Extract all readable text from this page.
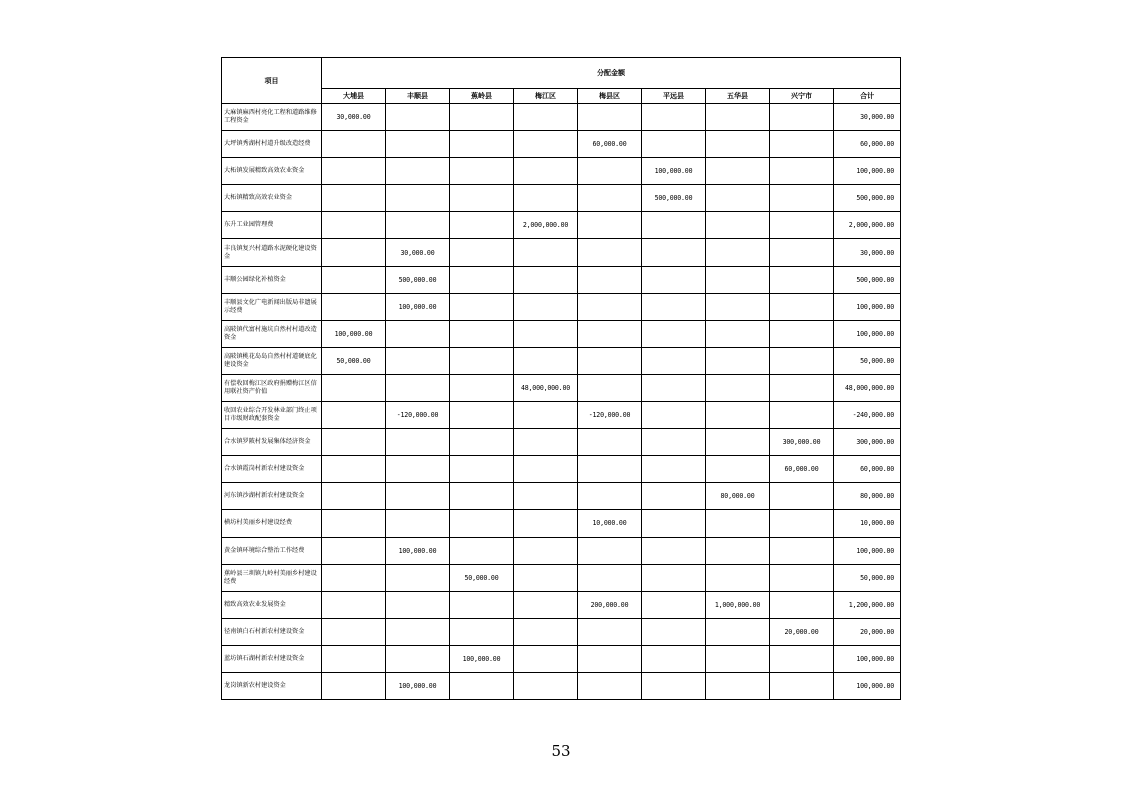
项目	分配金额								
	大埔县	丰顺县	蕉岭县	梅江区	梅县区	平远县	五华县	兴宁市	合计
大麻镇麻西村亮化工程和道路维修工程资金	30,000.00								30,000.00
大坪镇秀湖村村道升级改造经费					60,000.00				60,000.00
大柘镇发展精致高效农业资金						100,000.00			100,000.00
大柘镇精致高效农业资金						500,000.00			500,000.00
东升工业园管理费				2,000,000.00					2,000,000.00
丰良镇复兴村道路水泥硬化建设资金		30,000.00							30,000.00
丰顺公园绿化补植资金		500,000.00							500,000.00
丰顺县文化广电新闻出版局非遗展示经费		100,000.00							100,000.00
高陂镇代富村施坑自然村村道改造资金	100,000.00								100,000.00
高陂镇桃花岛岛自然村村道硬底化建设资金	50,000.00								50,000.00
有偿收回梅江区政府捐赠梅江区信用联社资产价值				48,000,000.00					48,000,000.00
收回农业综合开发林业部门终止项目市级财政配套资金		-120,000.00			-120,000.00				-240,000.00
合水镇罗陂村发展集体经济资金								300,000.00	300,000.00
合水镇霞岗村新农村建设资金								60,000.00	60,000.00
河东镇沙湖村新农村建设资金							80,000.00		80,000.00
横坊村美丽乡村建设经费					10,000.00				10,000.00
黄金镇环境综合整治工作经费		100,000.00							100,000.00
蕉岭县三圳镇九岭村美丽乡村建设经费			50,000.00						50,000.00
精致高效农业发展资金					200,000.00		1,000,000.00		1,200,000.00
径南镇白石村新农村建设资金								20,000.00	20,000.00
蓝坊镇石湖村新农村建设资金			100,000.00						100,000.00
龙岗镇新农村建设资金		100,000.00							100,000.00
53
